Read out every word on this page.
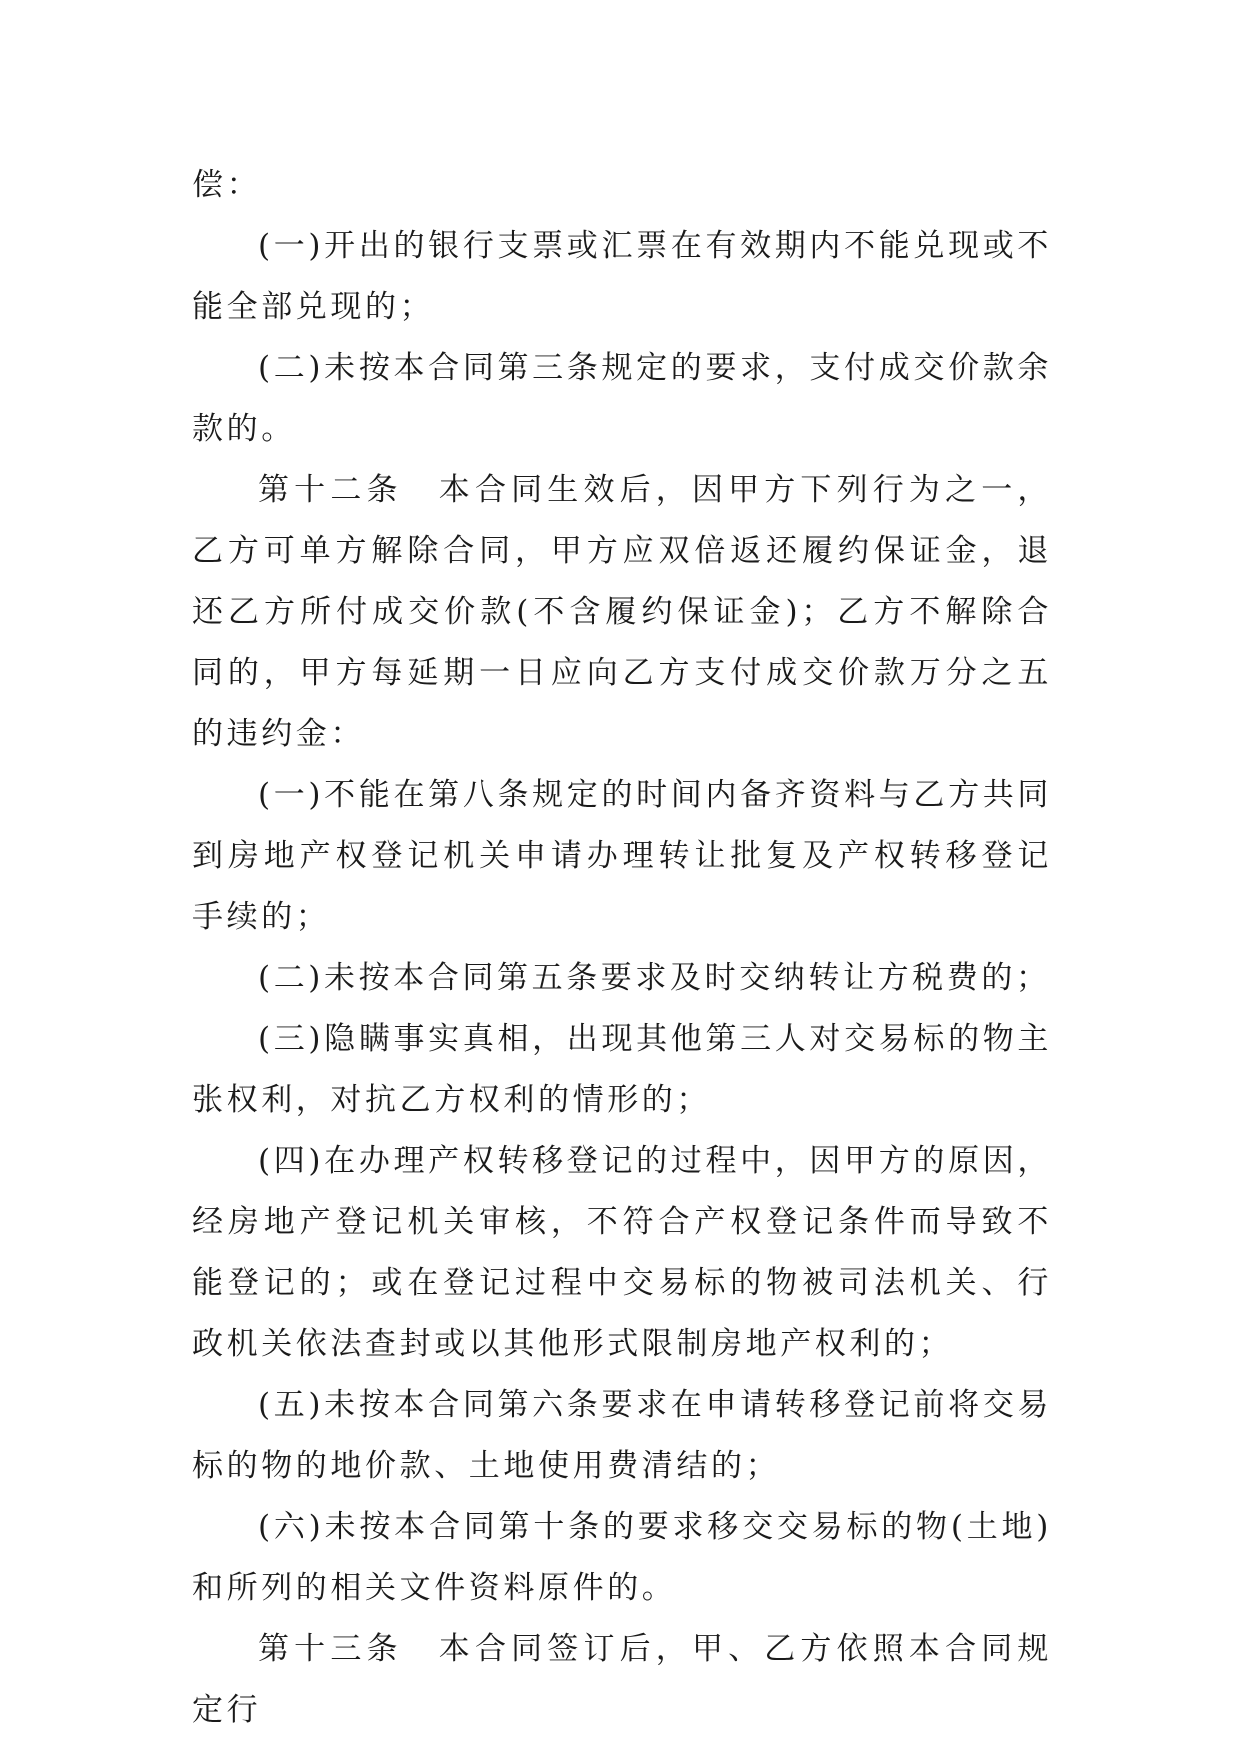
偿：

(一)开出的银行支票或汇票在有效期内不能兑现或不能全部兑现的；

(二)未按本合同第三条规定的要求，支付成交价款余款的。

第十二条　本合同生效后，因甲方下列行为之一，乙方可单方解除合同，甲方应双倍返还履约保证金，退还乙方所付成交价款(不含履约保证金)；乙方不解除合同的，甲方每延期一日应向乙方支付成交价款万分之五的违约金：

(一)不能在第八条规定的时间内备齐资料与乙方共同到房地产权登记机关申请办理转让批复及产权转移登记手续的；

(二)未按本合同第五条要求及时交纳转让方税费的；

(三)隐瞒事实真相，出现其他第三人对交易标的物主张权利，对抗乙方权利的情形的；

(四)在办理产权转移登记的过程中，因甲方的原因，经房地产登记机关审核，不符合产权登记条件而导致不能登记的；或在登记过程中交易标的物被司法机关、行政机关依法查封或以其他形式限制房地产权利的；

(五)未按本合同第六条要求在申请转移登记前将交易标的物的地价款、土地使用费清结的；

(六)未按本合同第十条的要求移交交易标的物(土地)和所列的相关文件资料原件的。

第十三条　本合同签订后，甲、乙方依照本合同规定行
